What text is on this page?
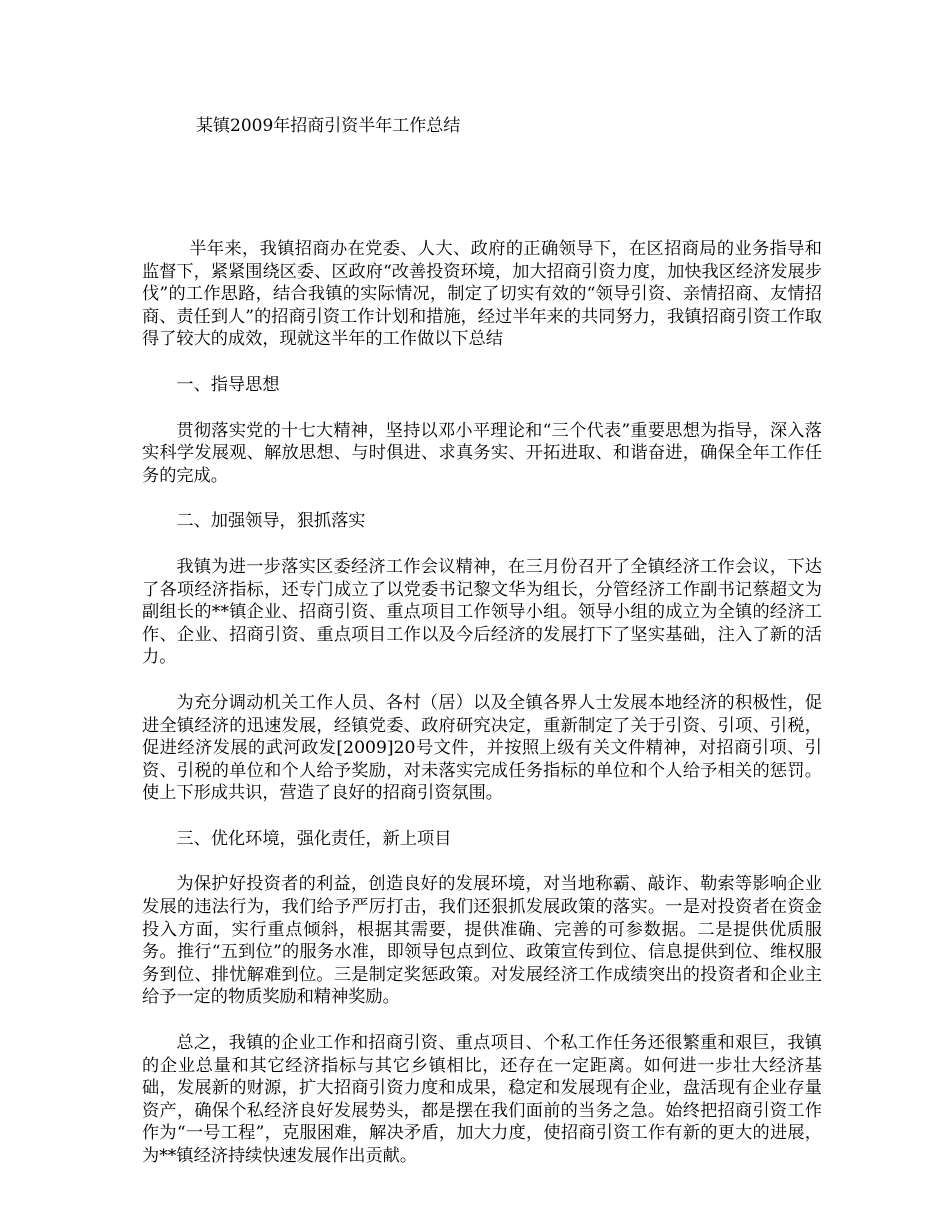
某镇2009年招商引资半年工作总结

半年来，我镇招商办在党委、人大、政府的正确领导下，在区招商局的业务指导和监督下，紧紧围绕区委、区政府“改善投资环境，加大招商引资力度，加快我区经济发展步伐”的工作思路，结合我镇的实际情况，制定了切实有效的“领导引资、亲情招商、友情招商、责任到人”的招商引资工作计划和措施，经过半年来的共同努力，我镇招商引资工作取得了较大的成效，现就这半年的工作做以下总结

一、指导思想

贯彻落实党的十七大精神，坚持以邓小平理论和“三个代表”重要思想为指导，深入落实科学发展观、解放思想、与时俱进、求真务实、开拓进取、和谐奋进，确保全年工作任务的完成。

二、加强领导，狠抓落实

我镇为进一步落实区委经济工作会议精神，在三月份召开了全镇经济工作会议，下达了各项经济指标，还专门成立了以党委书记黎文华为组长，分管经济工作副书记蔡超文为副组长的**镇企业、招商引资、重点项目工作领导小组。领导小组的成立为全镇的经济工作、企业、招商引资、重点项目工作以及今后经济的发展打下了坚实基础，注入了新的活力。

为充分调动机关工作人员、各村（居）以及全镇各界人士发展本地经济的积极性，促进全镇经济的迅速发展，经镇党委、政府研究决定，重新制定了关于引资、引项、引税，促进经济发展的武河政发[2009]20号文件，并按照上级有关文件精神，对招商引项、引资、引税的单位和个人给予奖励，对未落实完成任务指标的单位和个人给予相关的惩罚。使上下形成共识，营造了良好的招商引资氛围。

三、优化环境，强化责任，新上项目

为保护好投资者的利益，创造良好的发展环境，对当地称霸、敲诈、勒索等影响企业发展的违法行为，我们给予严厉打击，我们还狠抓发展政策的落实。一是对投资者在资金投入方面，实行重点倾斜，根据其需要，提供准确、完善的可参数据。二是提供优质服务。推行“五到位”的服务水准，即领导包点到位、政策宣传到位、信息提供到位、维权服务到位、排忧解难到位。三是制定奖惩政策。对发展经济工作成绩突出的投资者和企业主给予一定的物质奖励和精神奖励。

总之，我镇的企业工作和招商引资、重点项目、个私工作任务还很繁重和艰巨，我镇的企业总量和其它经济指标与其它乡镇相比，还存在一定距离。如何进一步壮大经济基础，发展新的财源，扩大招商引资力度和成果，稳定和发展现有企业，盘活现有企业存量资产，确保个私经济良好发展势头，都是摆在我们面前的当务之急。始终把招商引资工作作为“一号工程”，克服困难，解决矛盾，加大力度，使招商引资工作有新的更大的进展，为**镇经济持续快速发展作出贡献。
